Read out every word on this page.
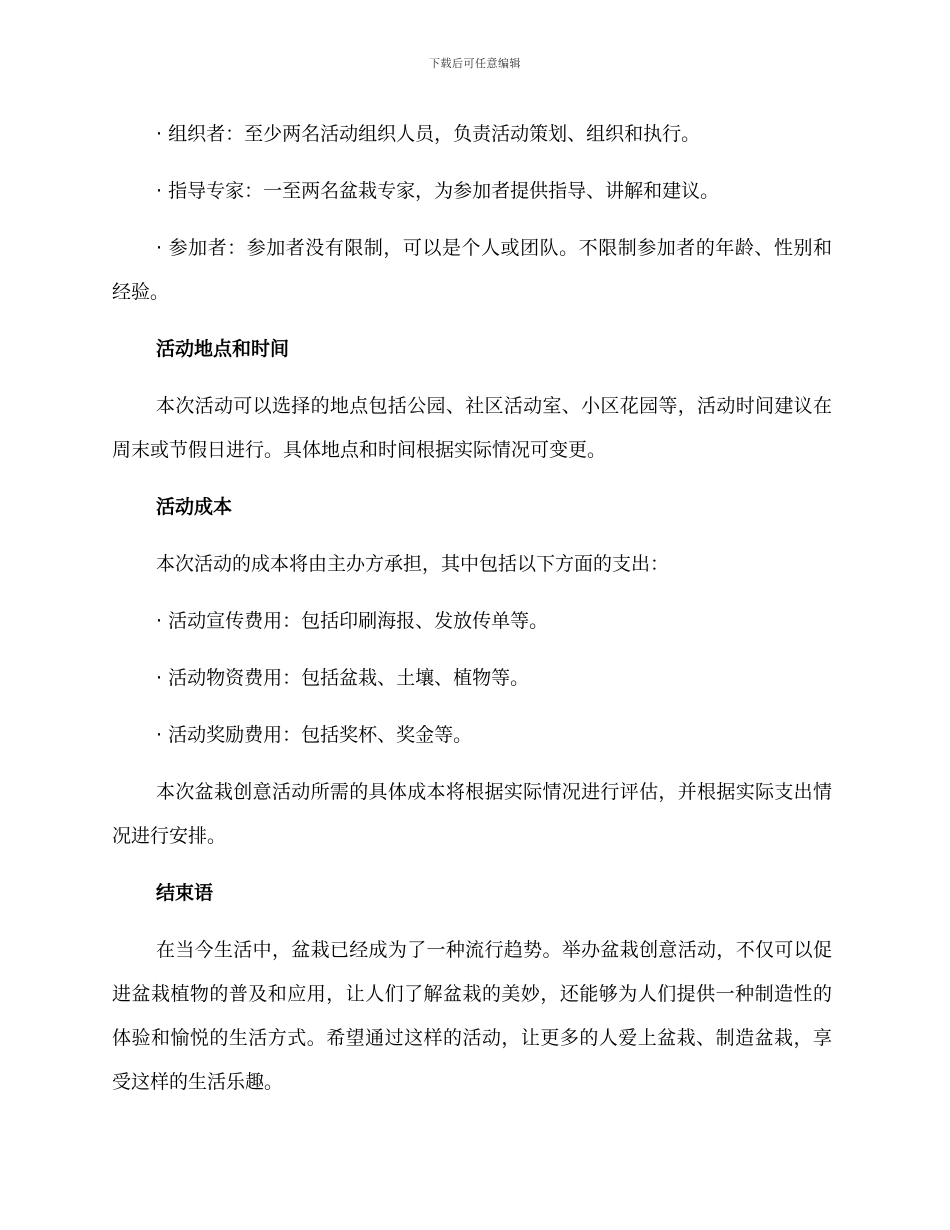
下载后可任意编辑

· 组织者：至少两名活动组织人员，负责活动策划、组织和执行。

· 指导专家：一至两名盆栽专家，为参加者提供指导、讲解和建议。

· 参加者：参加者没有限制，可以是个人或团队。不限制参加者的年龄、性别和经验。

活动地点和时间

本次活动可以选择的地点包括公园、社区活动室、小区花园等，活动时间建议在周末或节假日进行。具体地点和时间根据实际情况可变更。

活动成本

本次活动的成本将由主办方承担，其中包括以下方面的支出：

· 活动宣传费用：包括印刷海报、发放传单等。

· 活动物资费用：包括盆栽、土壤、植物等。

· 活动奖励费用：包括奖杯、奖金等。

本次盆栽创意活动所需的具体成本将根据实际情况进行评估，并根据实际支出情况进行安排。

结束语

在当今生活中，盆栽已经成为了一种流行趋势。举办盆栽创意活动，不仅可以促进盆栽植物的普及和应用，让人们了解盆栽的美妙，还能够为人们提供一种制造性的体验和愉悦的生活方式。希望通过这样的活动，让更多的人爱上盆栽、制造盆栽，享受这样的生活乐趣。
